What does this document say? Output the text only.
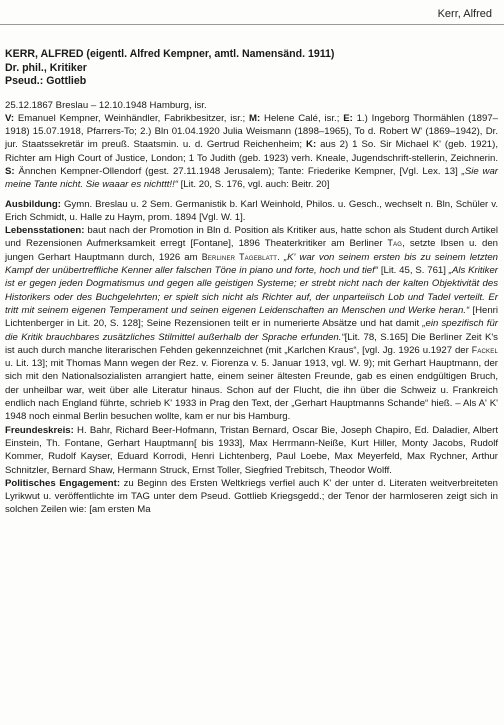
Kerr, Alfred
KERR, ALFRED (eigentl. Alfred Kempner, amtl. Namensänd. 1911)
Dr. phil., Kritiker
Pseud.: Gottlieb

25.12.1867 Breslau – 12.10.1948 Hamburg, isr.
V: Emanuel Kempner, Weinhändler, Fabrikbesitzer, isr.; M: Helene Calé, isr.; E: 1.) Ingeborg Thormählen (1897–1918) 15.07.1918, Pfarrers-To; 2.) Bln 01.04.1920 Julia Weismann (1898–1965), To d. Robert W' (1869–1942), Dr. jur. Staatssekretär im preuß. Staatsmin. u. d. Gertrud Reichenheim; K: aus 2) 1 So. Sir Michael K' (geb. 1921), Richter am High Court of Justice, London; 1 To Judith (geb. 1923) verh. Kneale, Jugendschrift-stellerin, Zeichnerin. S: Ännchen Kempner-Ollendorf (gest. 27.11.1948 Jerusalem); Tante: Friederike Kempner, [Vgl. Lex. 13] „Sie war meine Tante nicht. Sie waaar es nichttt!!“ [Lit. 20, S. 176, vgl. auch: Beitr. 20]

Ausbildung: Gymn. Breslau u. 2 Sem. Germanistik b. Karl Weinhold, Philos. u. Gesch., wechselt n. Bln, Schüler v. Erich Schmidt, u. Halle zu Haym, prom. 1894 [Vgl. W. 1].

Lebensstationen: baut nach der Promotion in Bln d. Position als Kritiker aus, hatte schon als Student durch Artikel und Rezensionen Aufmerksamkeit erregt [Fontane], 1896 Theaterkritiker am Berliner Tag, setzte Ibsen u. den jungen Gerhart Hauptmann durch, 1926 am Berliner Tageblatt. „K' war von seinem ersten bis zu seinem letzten Kampf der unübertreffliche Kenner aller falschen Töne in piano und forte, hoch und tief“ [Lit. 45, S. 761] „Als Kritiker ist er gegen jeden Dogmatismus und gegen alle geistigen Systeme; er strebt nicht nach der kalten Objektivität des Historikers oder des Buchgelehrten; er spielt sich nicht als Richter auf, der unparteiisch Lob und Tadel verteilt. Er tritt mit seinem eigenen Temperament und seinen eigenen Leidenschaften an Menschen und Werke heran.“ [Henri Lichtenberger in Lit. 20, S. 128]; Seine Rezensionen teilt er in numerierte Absätze und hat damit „ein spezifisch für die Kritik brauchbares zusätzliches Stilmittel außerhalb der Sprache erfunden.“[Lit. 78, S.165] Die Berliner Zeit K's ist auch durch manche literarischen Fehden gekennzeichnet (mit „Karlchen Kraus“, [vgl. Jg. 1926 u.1927 der Fackel u. Lit. 13]; mit Thomas Mann wegen der Rez. v. Fiorenza v. 5. Januar 1913, vgl. W. 9); mit Gerhart Hauptmann, der sich mit den Nationalsozialisten arrangiert hatte, einem seiner ältesten Freunde, gab es einen endgültigen Bruch, der unheilbar war, weit über alle Literatur hinaus. Schon auf der Flucht, die ihn über die Schweiz u. Frankreich endlich nach England führte, schrieb K' 1933 in Prag den Text, der „Gerhart Hauptmanns Schande“ hieß. – Als A' K' 1948 noch einmal Berlin besuchen wollte, kam er nur bis Hamburg.

Freundeskreis: H. Bahr, Richard Beer-Hofmann, Tristan Bernard, Oscar Bie, Joseph Chapiro, Ed. Daladier, Albert Einstein, Th. Fontane, Gerhart Hauptmann[ bis 1933], Max Herrmann-Neiße, Kurt Hiller, Monty Jacobs, Rudolf Kommer, Rudolf Kayser, Eduard Korrodi, Henri Lichtenberg, Paul Loebe, Max Meyerfeld, Max Rychner, Arthur Schnitzler, Bernard Shaw, Hermann Struck, Ernst Toller, Siegfried Trebitsch, Theodor Wolff.

Politisches Engagement: zu Beginn des Ersten Weltkriegs verfiel auch K' der unter d. Literaten weitverbreiteten Lyrikwut u. veröffentlichte im TAG unter dem Pseud. Gottlieb Kriegsgedd.; der Tenor der harmloseren zeigt sich in solchen Zeilen wie: [am ersten Ma
